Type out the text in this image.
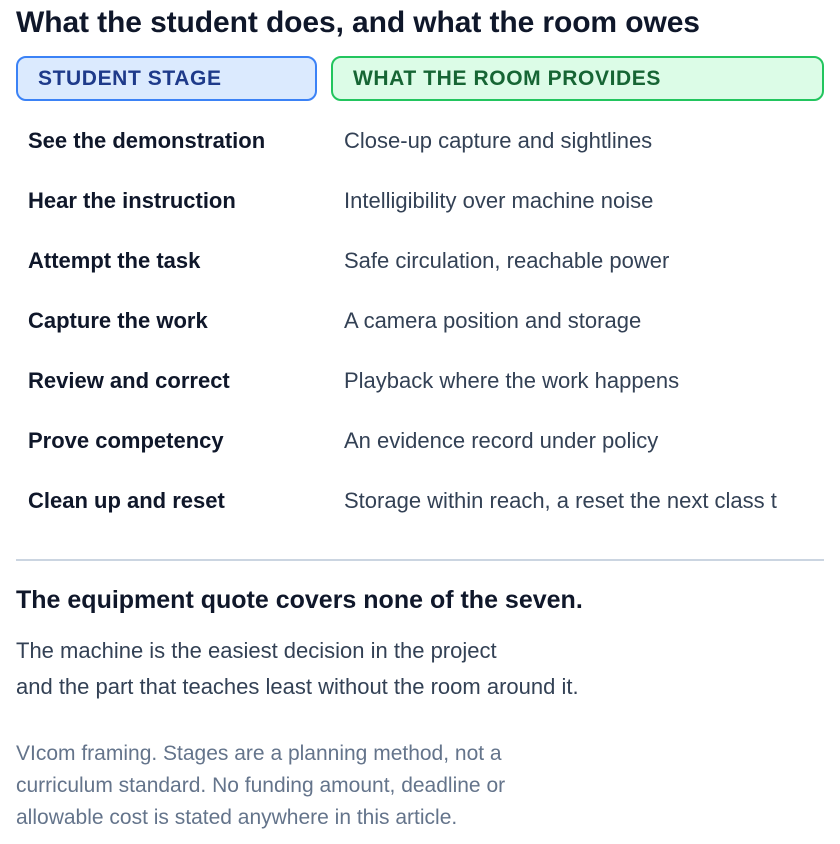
What the student does, and what the room owes
STUDENT STAGE	WHAT THE ROOM PROVIDES
See the demonstration	Close-up capture and sightlines
Hear the instruction	Intelligibility over machine noise
Attempt the task	Safe circulation, reachable power
Capture the work	A camera position and storage
Review and correct	Playback where the work happens
Prove competency	An evidence record under policy
Clean up and reset	Storage within reach, a reset the next class t
The equipment quote covers none of the seven.
The machine is the easiest decision in the project
and the part that teaches least without the room around it.
VIcom framing. Stages are a planning method, not a
curriculum standard. No funding amount, deadline or
allowable cost is stated anywhere in this article.
